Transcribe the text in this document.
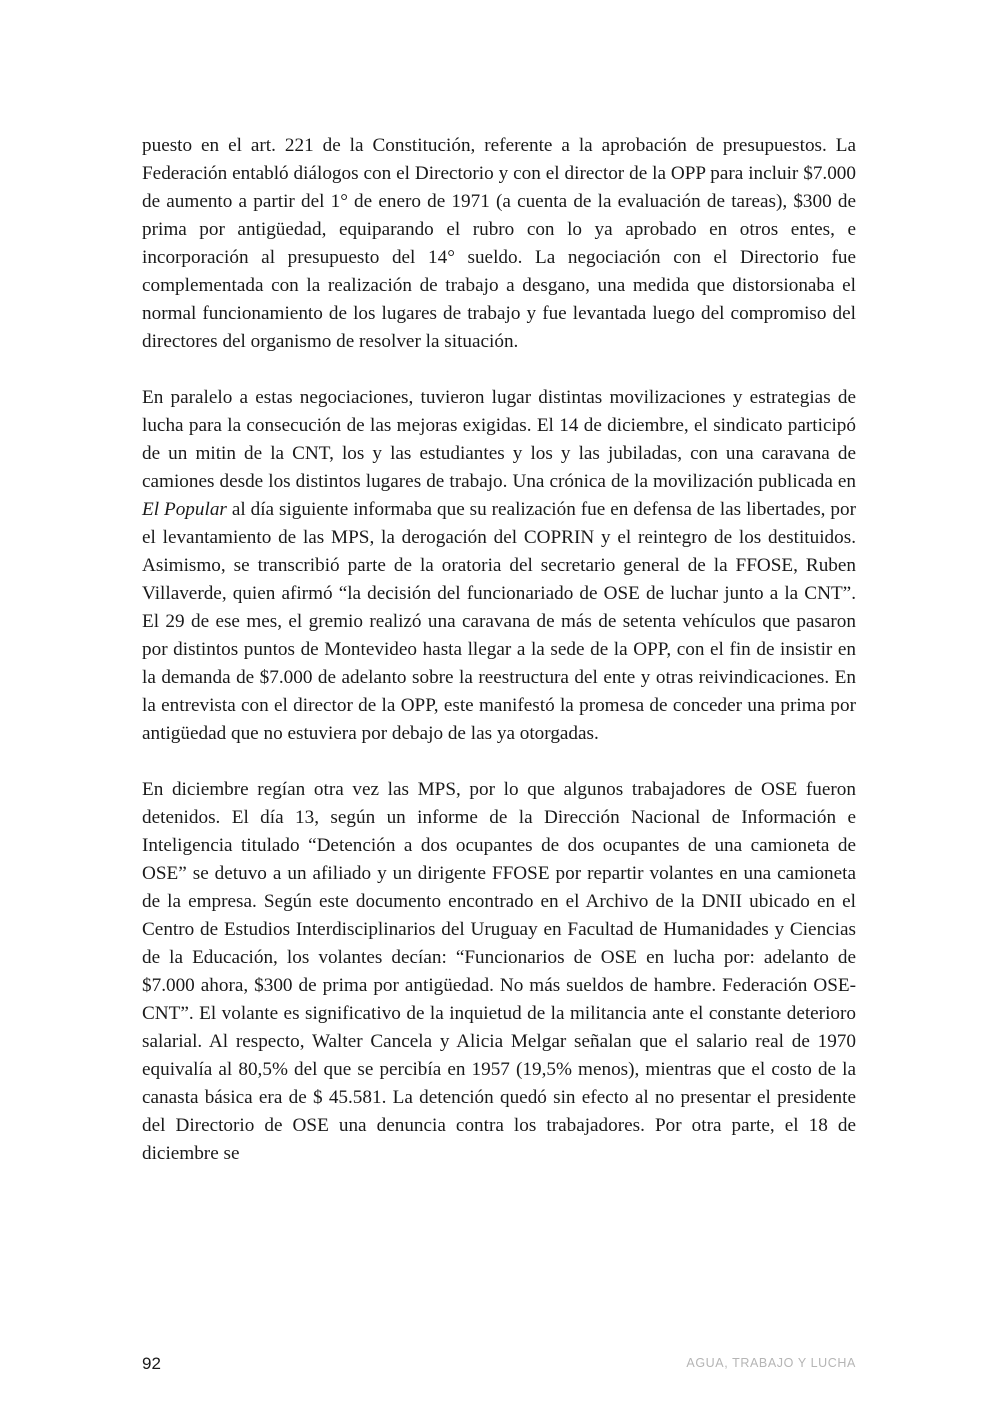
puesto en el art. 221 de la Constitución, referente a la aprobación de presupuestos. La Federación entabló diálogos con el Directorio y con el director de la OPP para incluir $7.000 de aumento a partir del 1° de enero de 1971 (a cuenta de la evaluación de tareas), $300 de prima por antigüedad, equiparando el rubro con lo ya aprobado en otros entes, e incorporación al presupuesto del 14° sueldo. La negociación con el Directorio fue complementada con la realización de trabajo a desgano, una medida que distorsionaba el normal funcionamiento de los lugares de trabajo y fue levantada luego del compromiso del directores del organismo de resolver la situación.

En paralelo a estas negociaciones, tuvieron lugar distintas movilizaciones y estrategias de lucha para la consecución de las mejoras exigidas. El 14 de diciembre, el sindicato participó de un mitin de la CNT, los y las estudiantes y los y las jubiladas, con una caravana de camiones desde los distintos lugares de trabajo. Una crónica de la movilización publicada en El Popular al día siguiente informaba que su realización fue en defensa de las libertades, por el levantamiento de las MPS, la derogación del COPRIN y el reintegro de los destituidos. Asimismo, se transcribió parte de la oratoria del secretario general de la FFOSE, Ruben Villaverde, quien afirmó “la decisión del funcionariado de OSE de luchar junto a la CNT”. El 29 de ese mes, el gremio realizó una caravana de más de setenta vehículos que pasaron por distintos puntos de Montevideo hasta llegar a la sede de la OPP, con el fin de insistir en la demanda de $7.000 de adelanto sobre la reestructura del ente y otras reivindicaciones. En la entrevista con el director de la OPP, este manifestó la promesa de conceder una prima por antigüedad que no estuviera por debajo de las ya otorgadas.

En diciembre regían otra vez las MPS, por lo que algunos trabajadores de OSE fueron detenidos. El día 13, según un informe de la Dirección Nacional de Información e Inteligencia titulado “Detención a dos ocupantes de dos ocupantes de una camioneta de OSE” se detuvo a un afiliado y un dirigente FFOSE por repartir volantes en una camioneta de la empresa. Según este documento encontrado en el Archivo de la DNII ubicado en el Centro de Estudios Interdisciplinarios del Uruguay en Facultad de Humanidades y Ciencias de la Educación, los volantes decían: “Funcionarios de OSE en lucha por: adelanto de $7.000 ahora, $300 de prima por antigüedad. No más sueldos de hambre. Federación OSE-CNT”. El volante es significativo de la inquietud de la militancia ante el constante deterioro salarial. Al respecto, Walter Cancela y Alicia Melgar señalan que el salario real de 1970 equivalía al 80,5% del que se percibía en 1957 (19,5% menos), mientras que el costo de la canasta básica era de $ 45.581. La detención quedó sin efecto al no presentar el presidente del Directorio de OSE una denuncia contra los trabajadores. Por otra parte, el 18 de diciembre se

92	AGUA, TRABAJO Y LUCHA
